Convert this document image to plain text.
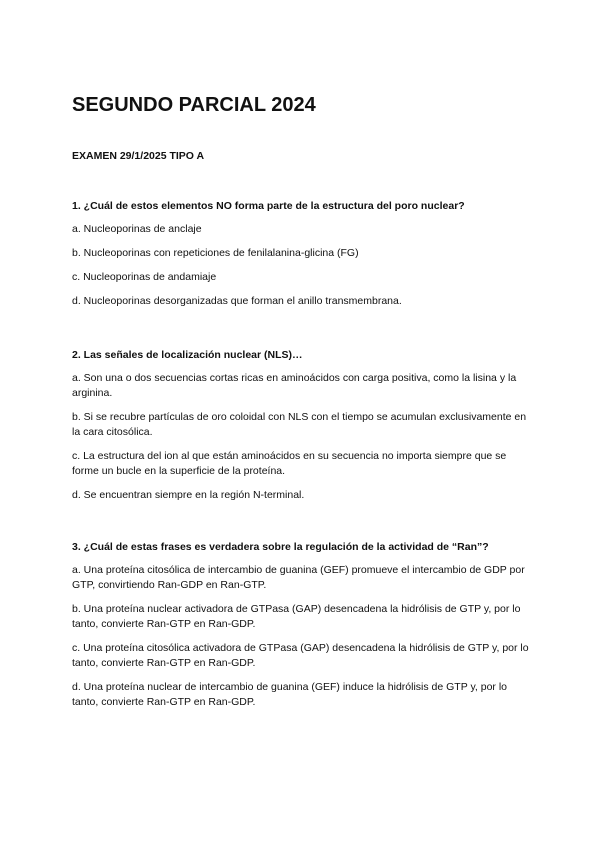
SEGUNDO PARCIAL 2024

EXAMEN 29/1/2025 TIPO A

1. ¿Cuál de estos elementos NO forma parte de la estructura del poro nuclear?

a. Nucleoporinas de anclaje

b. Nucleoporinas con repeticiones de fenilalanina-glicina (FG)

c. Nucleoporinas de andamiaje

d. Nucleoporinas desorganizadas que forman el anillo transmembrana.

2. Las señales de localización nuclear (NLS)…

a. Son una o dos secuencias cortas ricas en aminoácidos con carga positiva, como la lisina y la arginina.

b. Si se recubre partículas de oro coloidal con NLS con el tiempo se acumulan exclusivamente en la cara citosólica.

c. La estructura del ion al que están aminoácidos en su secuencia no importa siempre que se forme un bucle en la superficie de la proteína.

d. Se encuentran siempre en la región N-terminal.

3. ¿Cuál de estas frases es verdadera sobre la regulación de la actividad de “Ran”?

a. Una proteína citosólica de intercambio de guanina (GEF) promueve el intercambio de GDP por GTP, convirtiendo Ran-GDP en Ran-GTP.

b. Una proteína nuclear activadora de GTPasa (GAP) desencadena la hidrólisis de GTP y, por lo tanto, convierte Ran-GTP en Ran-GDP.

c. Una proteína citosólica activadora de GTPasa (GAP) desencadena la hidrólisis de GTP y, por lo tanto, convierte Ran-GTP en Ran-GDP.

d. Una proteína nuclear de intercambio de guanina (GEF) induce la hidrólisis de GTP y, por lo tanto, convierte Ran-GTP en Ran-GDP.
